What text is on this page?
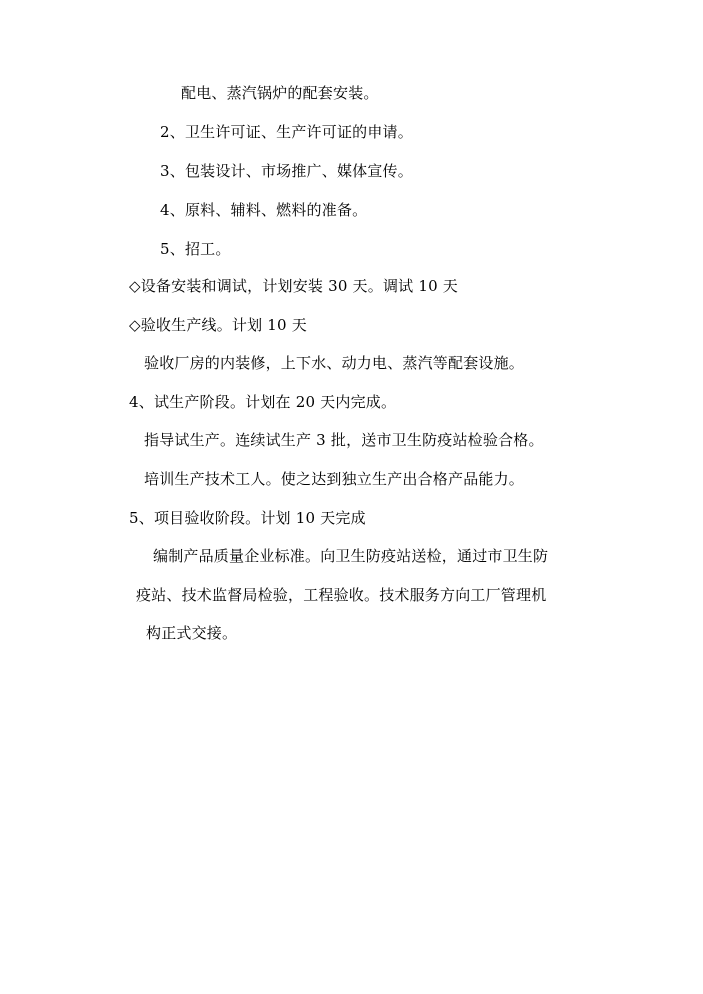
配电、蒸汽锅炉的配套安装。
2、卫生许可证、生产许可证的申请。
3、包装设计、市场推广、媒体宣传。
4、原料、辅料、燃料的准备。
5、招工。
◇设备安装和调试，计划安装 30 天。调试 10 天
◇验收生产线。计划 10 天
验收厂房的内装修，上下水、动力电、蒸汽等配套设施。
4、试生产阶段。计划在 20 天内完成。
指导试生产。连续试生产 3 批，送市卫生防疫站检验合格。
培训生产技术工人。使之达到独立生产出合格产品能力。
5、项目验收阶段。计划 10 天完成
编制产品质量企业标准。向卫生防疫站送检，通过市卫生防
疫站、技术监督局检验，工程验收。技术服务方向工厂管理机
构正式交接。
